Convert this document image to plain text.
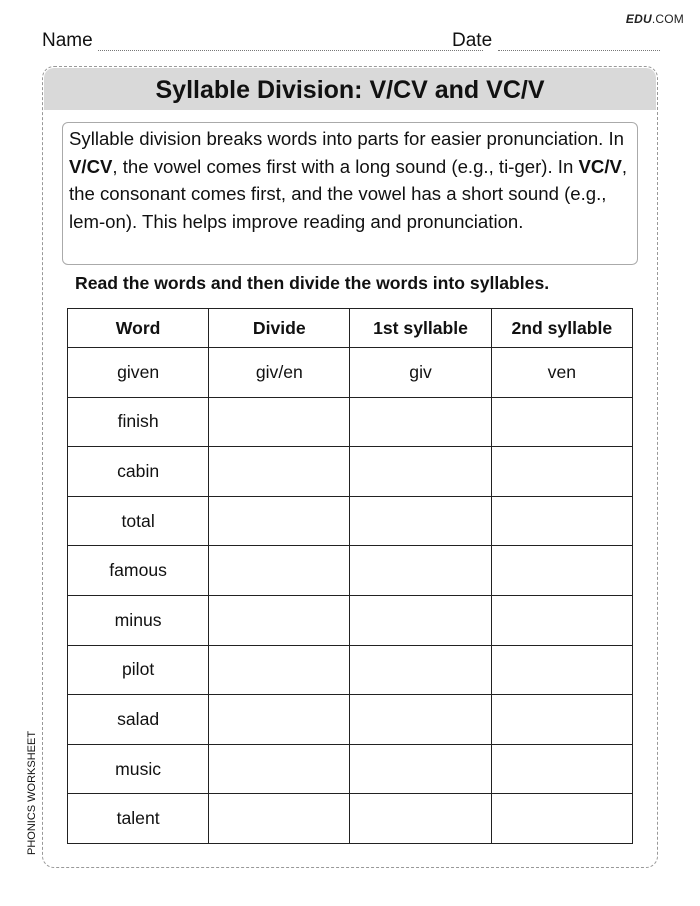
EDU.COM
Name	Date
Syllable Division: V/CV and VC/V
Syllable division breaks words into parts for easier pronunciation. In V/CV, the vowel comes first with a long sound (e.g., ti-ger). In VC/V, the consonant comes first, and the vowel has a short sound (e.g., lem-on). This helps improve reading and pronunciation.
Read the words and then divide the words into syllables.
Word	Divide	1st syllable	2nd syllable
given	giv/en	giv	ven
finish			
cabin			
total			
famous			
minus			
pilot			
salad			
music			
talent			
PHONICS WORKSHEET
